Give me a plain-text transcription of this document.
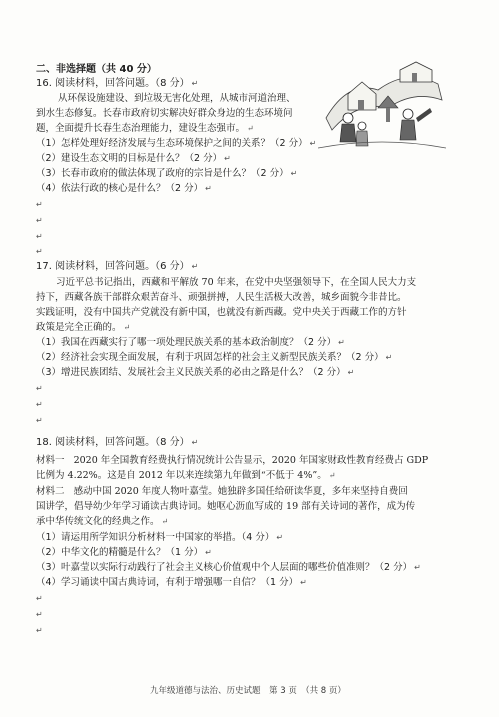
二、非选择题（共 40 分）
16. 阅读材料，回答问题。（8 分） ↵
从环保设施建设、到垃圾无害化处理，从城市河道治理、
到水生态修复。长春市政府切实解决好群众身边的生态环境问
题，全面提升长春生态治理能力，建设生态强市。 ↵
（1）怎样处理好经济发展与生态环境保护之间的关系？（2 分） ↵
（2）建设生态文明的目标是什么？（2 分） ↵
（3）长春市政府的做法体现了政府的宗旨是什么？（2 分） ↵
（4）依法行政的核心是什么？（2 分） ↵
↵
↵
↵
↵
17. 阅读材料，回答问题。（6 分） ↵
习近平总书记指出，西藏和平解放 70 年来，在党中央坚强领导下，在全国人民大力支
持下，西藏各族干部群众艰苦奋斗、顽强拼搏，人民生活极大改善，城乡面貌今非昔比。
实践证明，没有中国共产党就没有新中国，也就没有新西藏。党中央关于西藏工作的方针
政策是完全正确的。 ↵
（1）我国在西藏实行了哪一项处理民族关系的基本政治制度？（2 分） ↵
（2）经济社会实现全面发展，有利于巩固怎样的社会主义新型民族关系？（2 分） ↵
（3）增进民族团结、发展社会主义民族关系的必由之路是什么？（2 分） ↵
↵
↵
↵
18. 阅读材料，回答问题。（8 分） ↵
材料一 2020 年全国教育经费执行情况统计公告显示，2020 年国家财政性教育经费占 GDP
比例为 4.22%。这是自 2012 年以来连续第九年做到“不低于 4%”。 ↵
材料二 感动中国 2020 年度人物叶嘉莹。她独辟多国任给研读华夏，多年来坚持自费回
国讲学，倡导幼少年学习诵读古典诗词。她呕心沥血写成的 19 部有关诗词的著作，成为传
承中华传统文化的经典之作。 ↵
（1）请运用所学知识分析材料一中国家的举措。（4 分） ↵
（2）中华文化的精髓是什么？（1 分） ↵
（3）叶嘉莹以实际行动践行了社会主义核心价值观中个人层面的哪些价值准则？（2 分） ↵
（4）学习诵读中国古典诗词，有利于增强哪一自信？（1 分） ↵
↵
↵
↵
九年级道德与法治、历史试题　第 3 页　（共 8 页）
